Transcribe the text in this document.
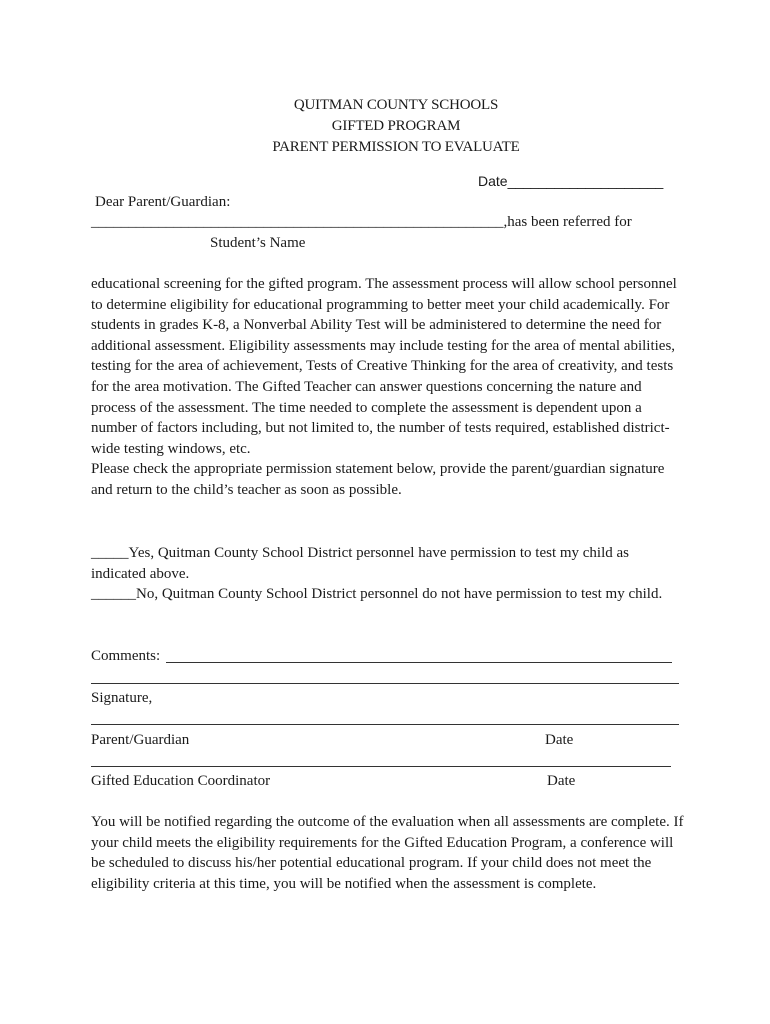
QUITMAN COUNTY SCHOOLS
GIFTED PROGRAM
PARENT PERMISSION TO EVALUATE
Date____________________
Dear Parent/Guardian:
_______________________________________________________,has been referred for
Student’s Name

educational screening for the gifted program. The assessment process will allow school personnel to determine eligibility for educational programming to better meet your child academically. For students in grades K-8, a Nonverbal Ability Test will be administered to determine the need for additional assessment. Eligibility assessments may include testing for the area of mental abilities, testing for the area of achievement, Tests of Creative Thinking for the area of creativity, and tests for the area motivation. The Gifted Teacher can answer questions concerning the nature and process of the assessment. The time needed to complete the assessment is dependent upon a number of factors including, but not limited to, the number of tests required, established district-wide testing windows, etc.

Please check the appropriate permission statement below, provide the parent/guardian signature and return to the child’s teacher as soon as possible.

_____Yes, Quitman County School District personnel have permission to test my child as indicated above.
______No, Quitman County School District personnel do not have permission to test my child.
Comments:
Signature,
Parent/Guardian	Date
Gifted Education Coordinator	Date
You will be notified regarding the outcome of the evaluation when all assessments are complete. If your child meets the eligibility requirements for the Gifted Education Program, a conference will be scheduled to discuss his/her potential educational program. If your child does not meet the eligibility criteria at this time, you will be notified when the assessment is complete.
